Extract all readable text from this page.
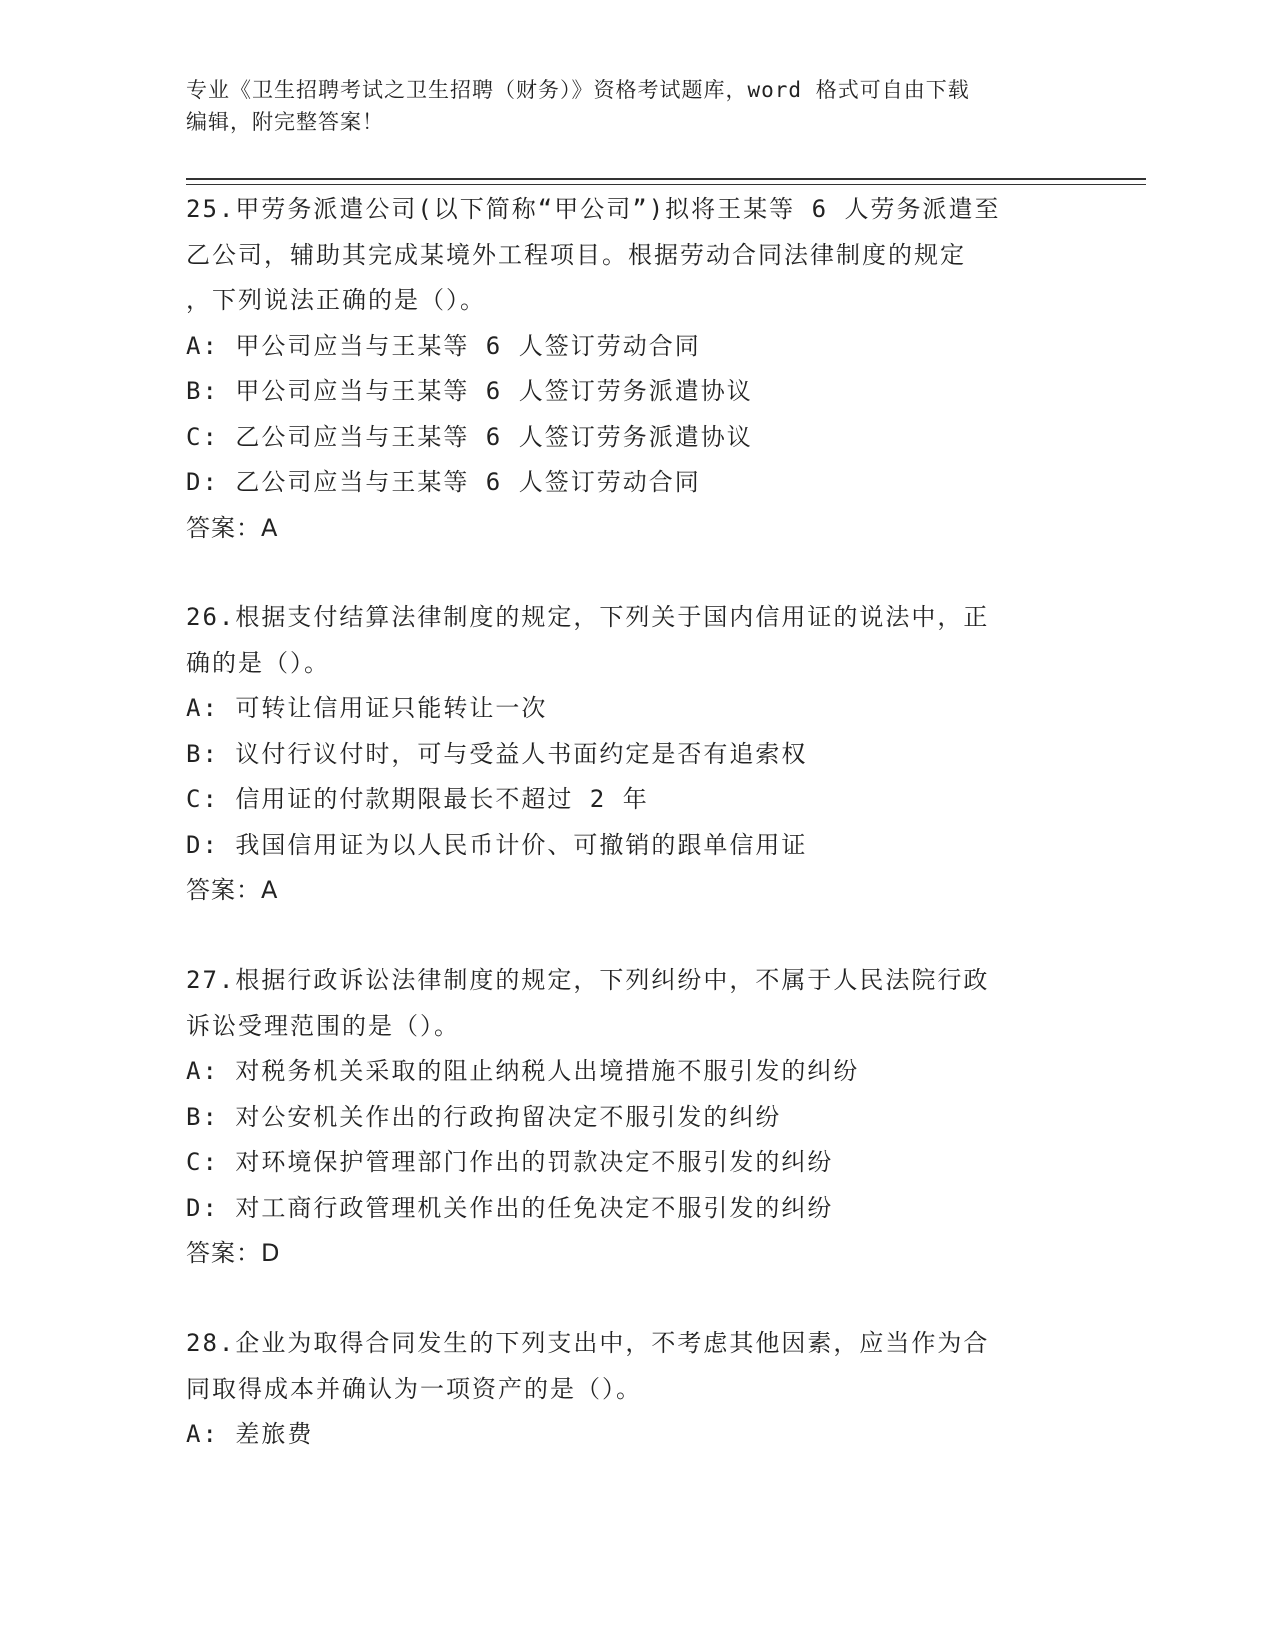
专业《卫生招聘考试之卫生招聘（财务）》资格考试题库，word 格式可自由下载
编辑，附完整答案！
25.甲劳务派遣公司(以下简称“甲公司”)拟将王某等 6 人劳务派遣至
乙公司，辅助其完成某境外工程项目。根据劳动合同法律制度的规定
，下列说法正确的是（）。
A: 甲公司应当与王某等 6 人签订劳动合同
B: 甲公司应当与王某等 6 人签订劳务派遣协议
C: 乙公司应当与王某等 6 人签订劳务派遣协议
D: 乙公司应当与王某等 6 人签订劳动合同
答案：A
26.根据支付结算法律制度的规定，下列关于国内信用证的说法中，正
确的是（）。
A: 可转让信用证只能转让一次
B: 议付行议付时，可与受益人书面约定是否有追索权
C: 信用证的付款期限最长不超过 2 年
D: 我国信用证为以人民币计价、可撤销的跟单信用证
答案：A
27.根据行政诉讼法律制度的规定，下列纠纷中，不属于人民法院行政
诉讼受理范围的是（）。
A: 对税务机关采取的阻止纳税人出境措施不服引发的纠纷
B: 对公安机关作出的行政拘留决定不服引发的纠纷
C: 对环境保护管理部门作出的罚款决定不服引发的纠纷
D: 对工商行政管理机关作出的任免决定不服引发的纠纷
答案：D
28.企业为取得合同发生的下列支出中，不考虑其他因素，应当作为合
同取得成本并确认为一项资产的是（）。
A: 差旅费
